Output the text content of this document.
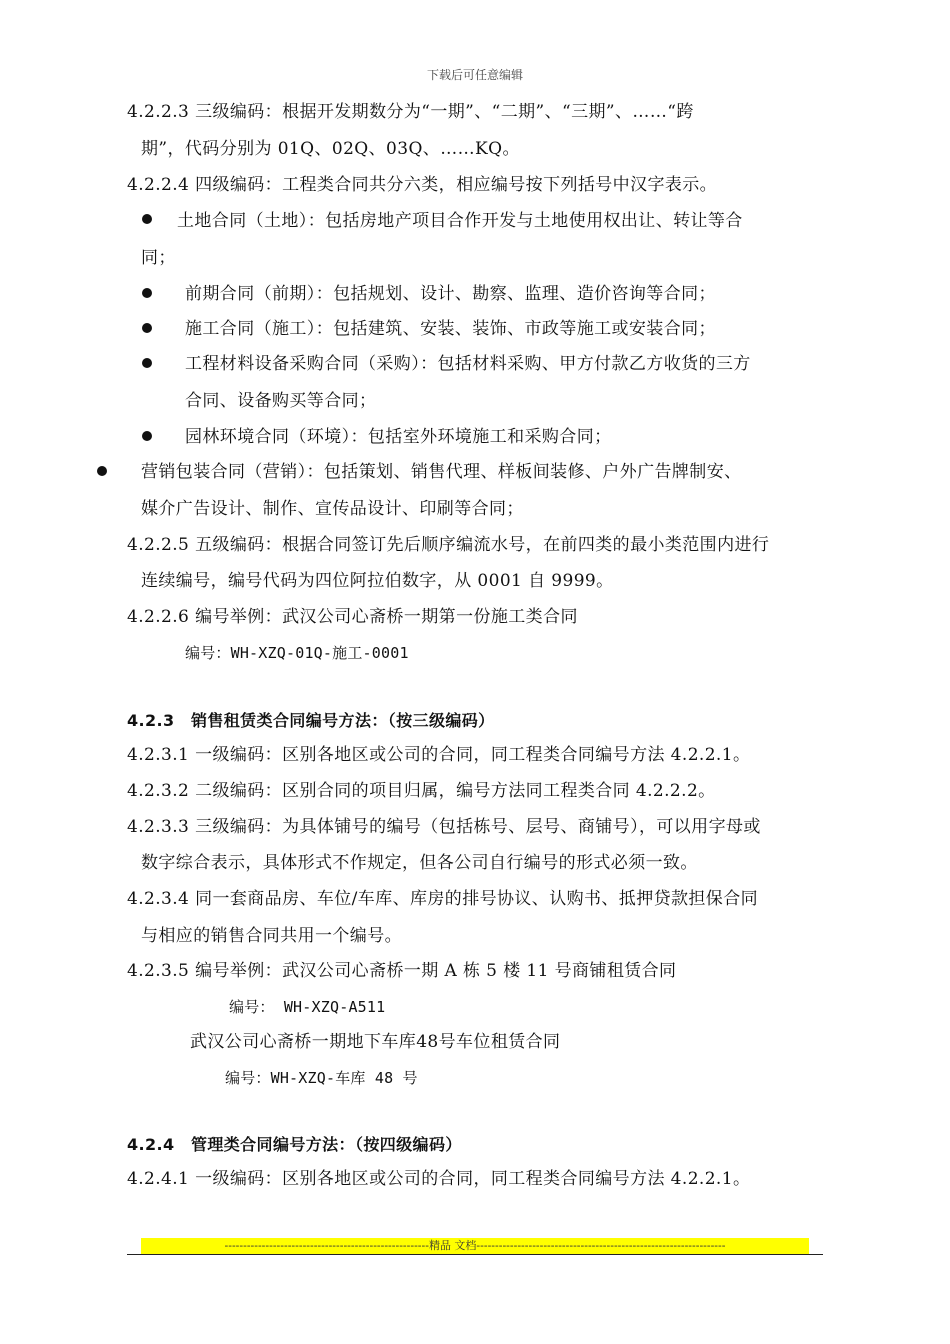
下载后可任意编辑
4.2.2.3 三级编码：根据开发期数分为“一期”、“二期”、“三期”、……“跨
期”，代码分别为 01Q、02Q、03Q、……KQ。
4.2.2.4 四级编码：工程类合同共分六类，相应编号按下列括号中汉字表示。
土地合同（土地）：包括房地产项目合作开发与土地使用权出让、转让等合
同；
前期合同（前期）：包括规划、设计、勘察、监理、造价咨询等合同；
施工合同（施工）：包括建筑、安装、装饰、市政等施工或安装合同；
工程材料设备采购合同（采购）：包括材料采购、甲方付款乙方收货的三方
合同、设备购买等合同；
园林环境合同（环境）：包括室外环境施工和采购合同；
营销包装合同（营销）：包括策划、销售代理、样板间装修、户外广告牌制安、
媒介广告设计、制作、宣传品设计、印刷等合同；
4.2.2.5 五级编码：根据合同签订先后顺序编流水号，在前四类的最小类范围内进行
连续编号，编号代码为四位阿拉伯数字，从 0001 自 9999。
4.2.2.6 编号举例：武汉公司心斋桥一期第一份施工类合同
编号：WH-XZQ-01Q-施工-0001
4.2.3　销售租赁类合同编号方法：（按三级编码）
4.2.3.1 一级编码：区别各地区或公司的合同，同工程类合同编号方法 4.2.2.1。
4.2.3.2 二级编码：区别合同的项目归属，编号方法同工程类合同 4.2.2.2。
4.2.3.3 三级编码：为具体铺号的编号（包括栋号、层号、商铺号），可以用字母或
数字综合表示，具体形式不作规定，但各公司自行编号的形式必须一致。
4.2.3.4 同一套商品房、车位/车库、库房的排号协议、认购书、抵押贷款担保合同
与相应的销售合同共用一个编号。
4.2.3.5 编号举例：武汉公司心斋桥一期 A 栋 5 楼 11 号商铺租赁合同
编号： WH-XZQ-A511
武汉公司心斋桥一期地下车库48号车位租赁合同
编号：WH-XZQ-车库 48 号
4.2.4　管理类合同编号方法：（按四级编码）
4.2.4.1 一级编码：区别各地区或公司的合同，同工程类合同编号方法 4.2.2.1。
-------------------------------------------------------精品 文档-------------------------------------------------------------------
